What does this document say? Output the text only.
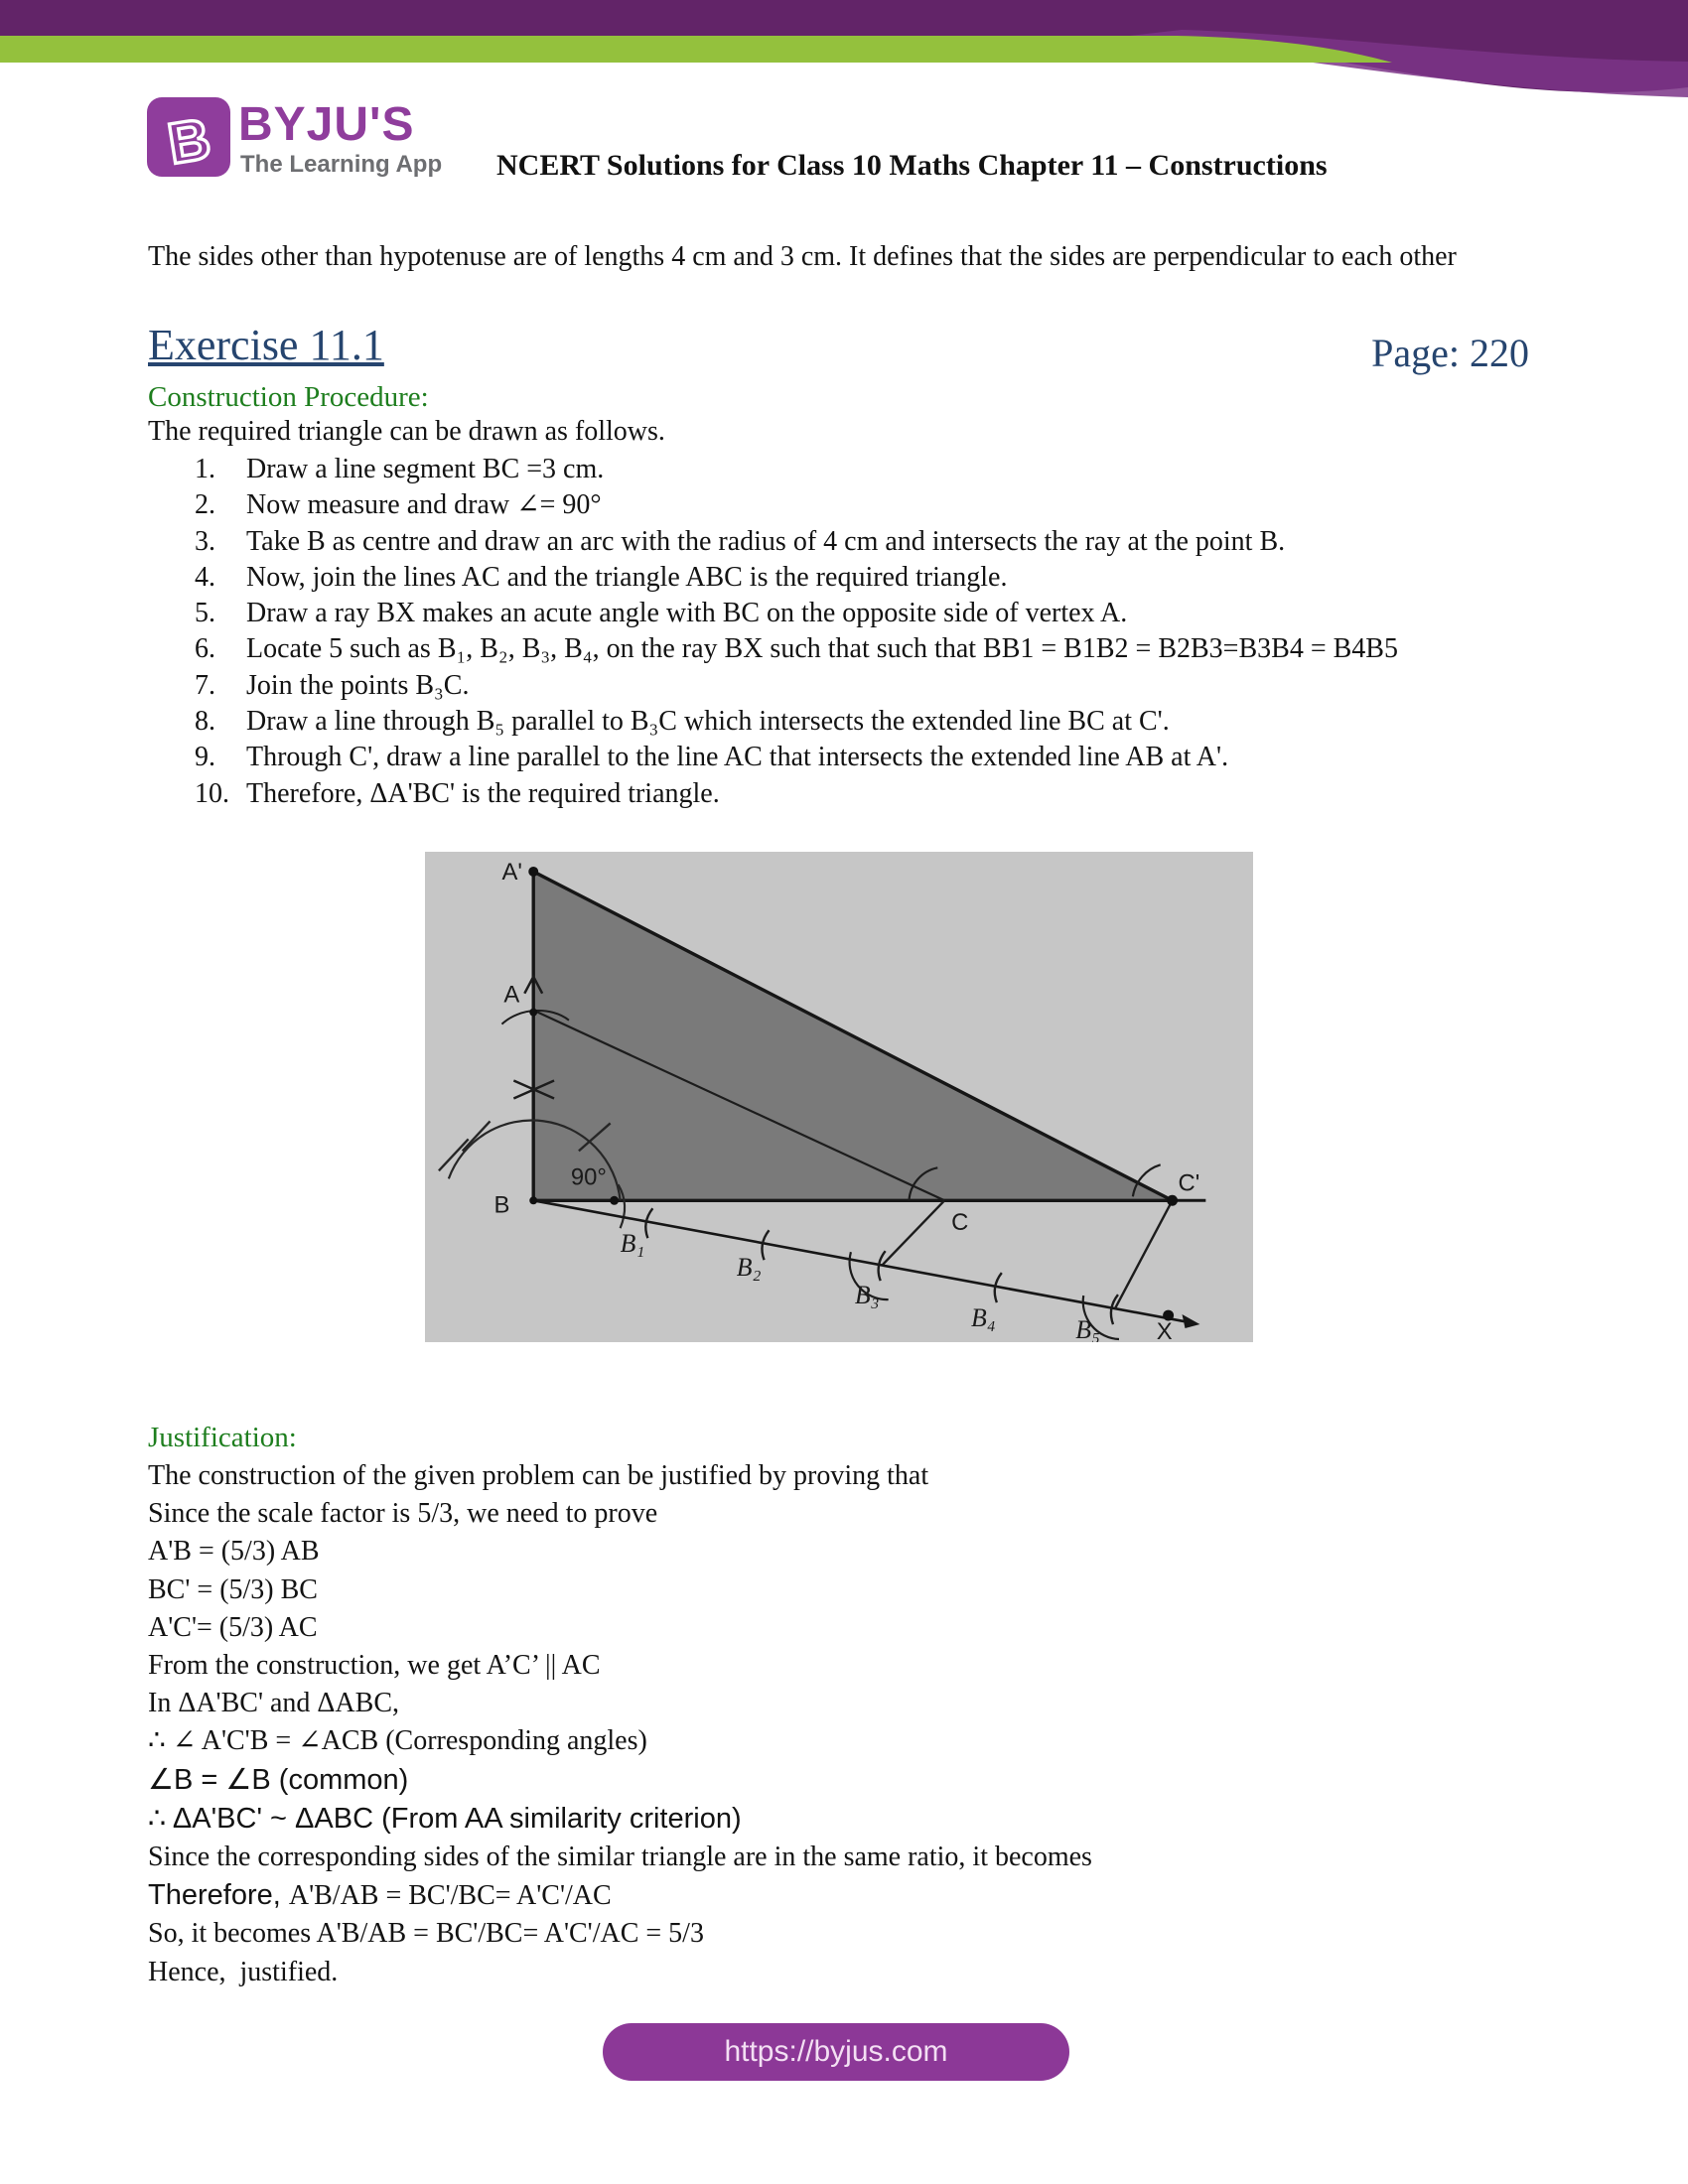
B BYJU'S
The Learning App NCERT Solutions for Class 10 Maths Chapter 11 – Constructions
The sides other than hypotenuse are of lengths 4 cm and 3 cm. It defines that the sides are perpendicular to each other
Exercise 11.1	Page: 220
Construction Procedure:
The required triangle can be drawn as follows.
1.	Draw a line segment BC =3 cm.
2.	Now measure and draw ∠= 90°
3.	Take B as centre and draw an arc with the radius of 4 cm and intersects the ray at the point B.
4.	Now, join the lines AC and the triangle ABC is the required triangle.
5.	Draw a ray BX makes an acute angle with BC on the opposite side of vertex A.
6.	Locate 5 such as B₁, B₂, B₃, B₄, on the ray BX such that such that BB1 = B1B2 = B2B3=B3B4 = B4B5
7.	Join the points B₃C.
8.	Draw a line through B₅ parallel to B₃C which intersects the extended line BC at C'.
9.	Through C', draw a line parallel to the line AC that intersects the extended line AB at A'.
10. Therefore, ΔA'BC' is the required triangle.
A'
A
B
90°
C
C'
X
B₁
B₂
B₃
B₄	B₅
Justification:
The construction of the given problem can be justified by proving that
Since the scale factor is 5/3, we need to prove
A'B = (5/3) AB
BC' = (5/3) BC
A'C'= (5/3) AC
From the construction, we get A’C’ || AC
In ΔA'BC' and ΔABC,
∴ ∠ A'C'B = ∠ACB (Corresponding angles)
∠B = ∠B (common)
∴ ΔA'BC' ~ ΔABC (From AA similarity criterion)
Since the corresponding sides of the similar triangle are in the same ratio, it becomes
Therefore, A'B/AB = BC'/BC= A'C'/AC
So, it becomes A'B/AB = BC'/BC= A'C'/AC = 5/3
Hence,  justified.
https://byjus.com
